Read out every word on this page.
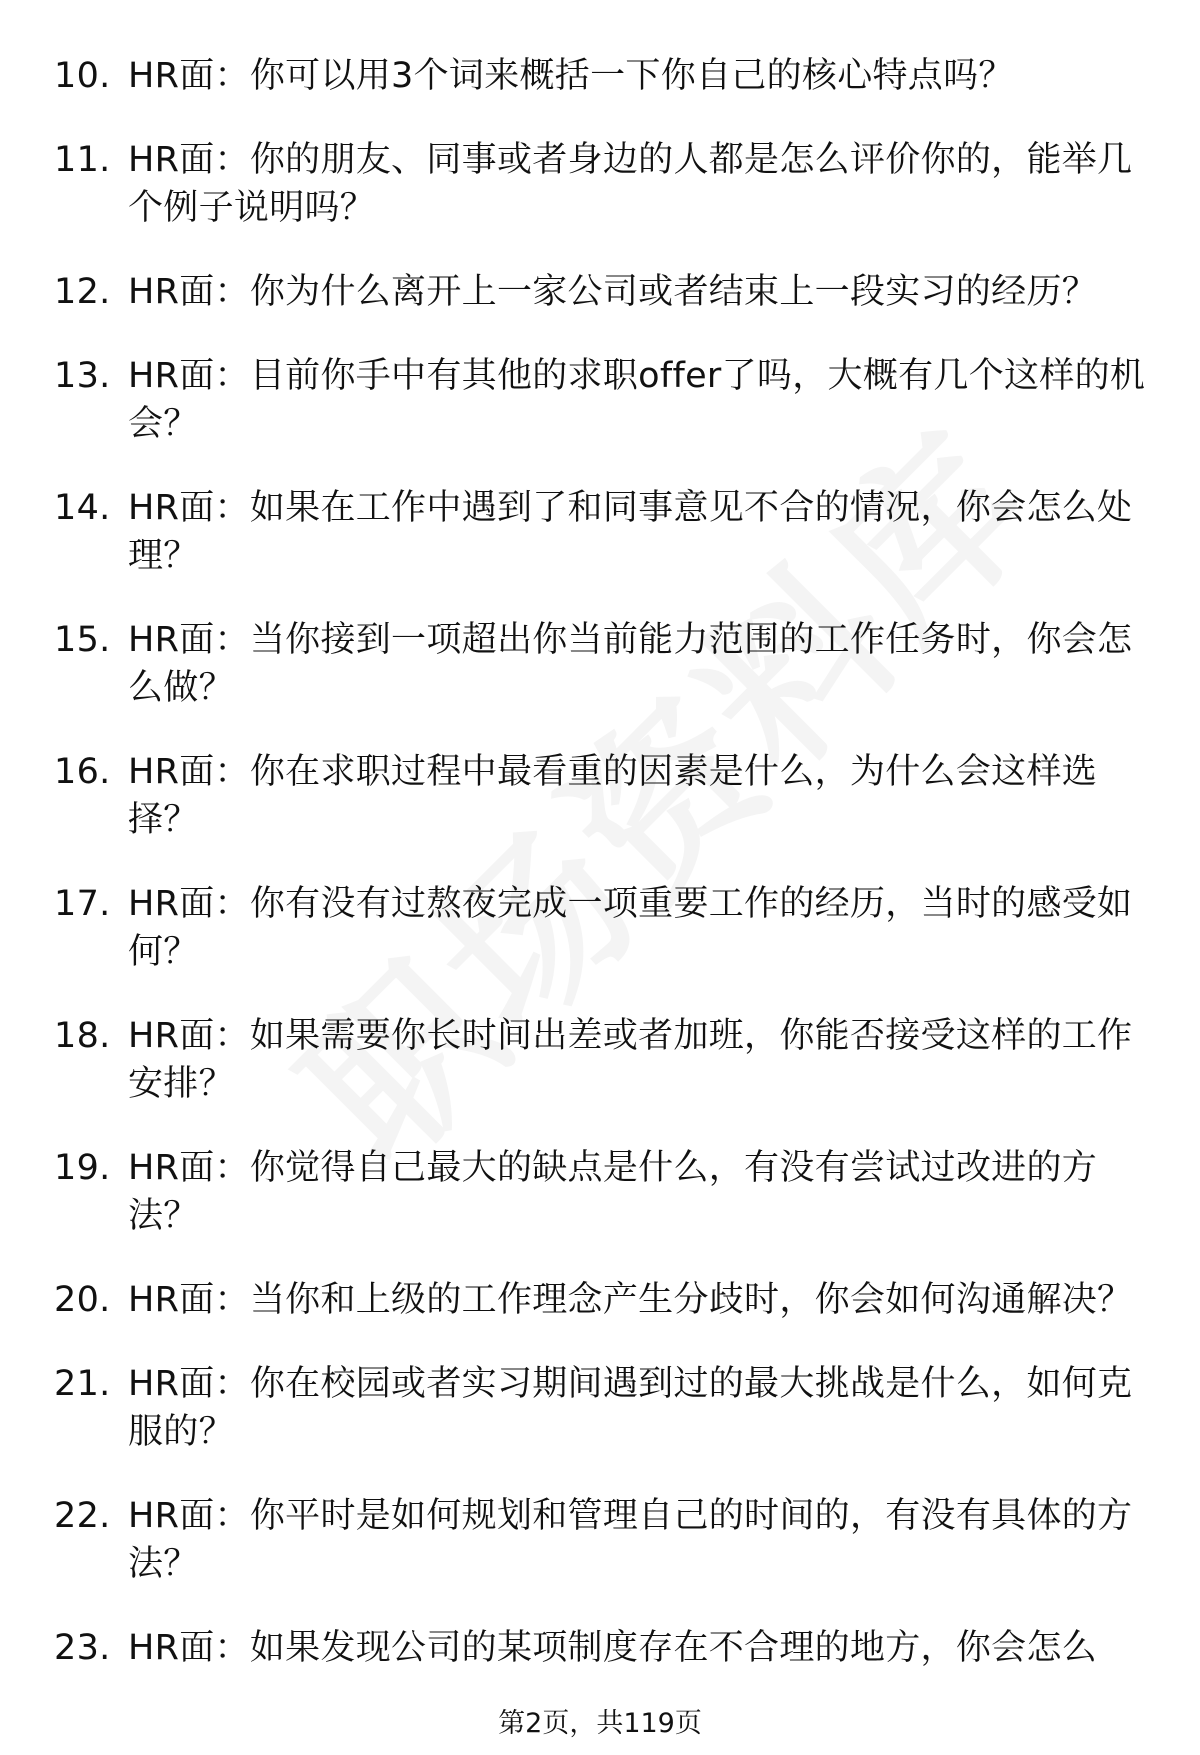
10. HR面：你可以用3个词来概括一下你自己的核心特点吗？
11. HR面：你的朋友、同事或者身边的人都是怎么评价你的，能举几个例子说明吗？
12. HR面：你为什么离开上一家公司或者结束上一段实习的经历？
13. HR面：目前你手中有其他的求职offer了吗，大概有几个这样的机会？
14. HR面：如果在工作中遇到了和同事意见不合的情况，你会怎么处理？
15. HR面：当你接到一项超出你当前能力范围的工作任务时，你会怎么做？
16. HR面：你在求职过程中最看重的因素是什么，为什么会这样选择？
17. HR面：你有没有过熬夜完成一项重要工作的经历，当时的感受如何？
18. HR面：如果需要你长时间出差或者加班，你能否接受这样的工作安排？
19. HR面：你觉得自己最大的缺点是什么，有没有尝试过改进的方法？
20. HR面：当你和上级的工作理念产生分歧时，你会如何沟通解决？
21. HR面：你在校园或者实习期间遇到过的最大挑战是什么，如何克服的？
22. HR面：你平时是如何规划和管理自己的时间的，有没有具体的方法？
23. HR面：如果发现公司的某项制度存在不合理的地方，你会怎么
第2页，共119页
